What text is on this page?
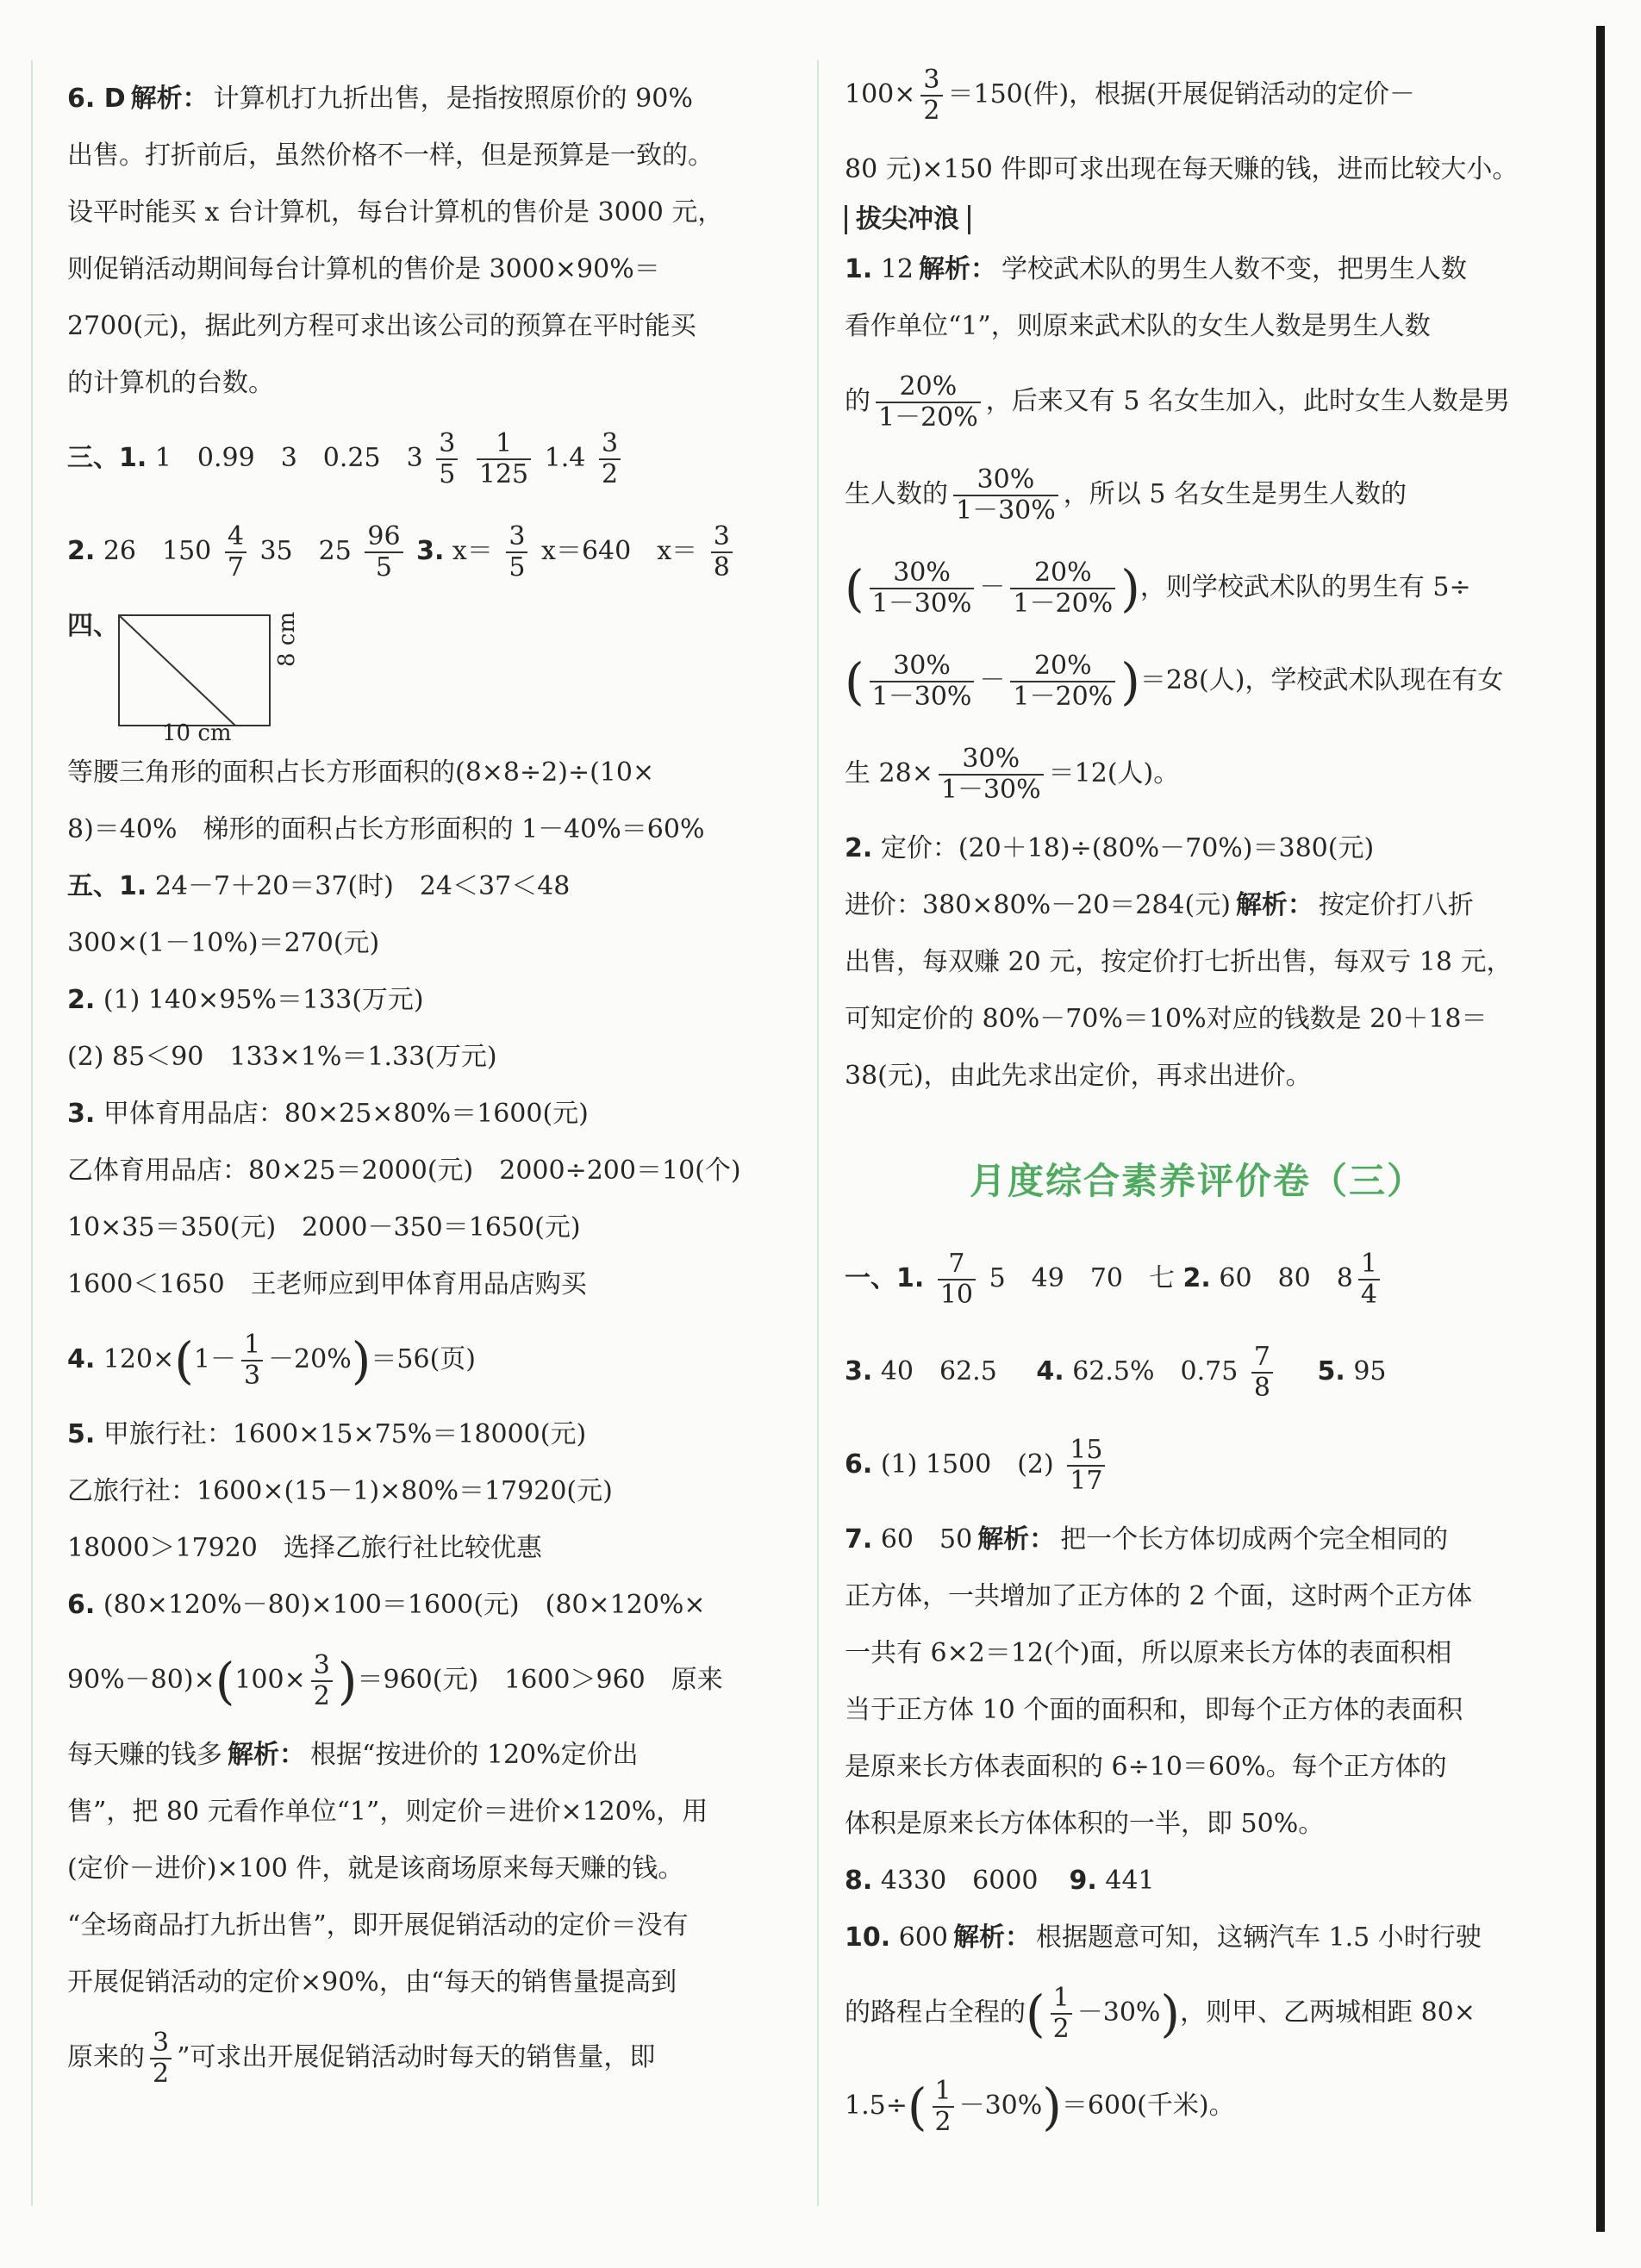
6. D 解析： 计算机打九折出售，是指按照原价的 90%
出售。打折前后，虽然价格不一样，但是预算是一致的。
设平时能买 x 台计算机，每台计算机的售价是 3000 元，
则促销活动期间每台计算机的售价是 3000×90%＝
2700(元)，据此列方程可求出该公司的预算在平时能买
的计算机的台数。
三、1. 1　0.99　3　0.25　$3 \frac{3}{5}$
$\frac{1}{125} 1.4 \frac{3}{2}$
2. 26　$150 \frac{4}{7} 35$　$25 \frac{96}{5} 3$. $x= \frac{3}{5} x=640$　$x= \frac{3}{8}$
四、
10 cm
8 cm
等腰三角形的面积占长方形面积的(8×8÷2)÷(10×
8)＝40%　梯形的面积占长方形面积的 1－40%＝60%
五、1. 24－7＋20＝37(时)　24＜37＜48
300×(1－10%)＝270(元)
2. (1) 140×95%＝133(万元)
(2) 85＜90　133×1%＝1.33(万元)
3. 甲体育用品店：80×25×80%＝1600(元)
乙体育用品店：80×25＝2000(元)　2000÷200＝10(个)
10×35＝350(元)　2000－350＝1650(元)
1600＜1650　王老师应到甲体育用品店购买
4. $120\times(1- \frac{1}{3} -20\%)=56$(页)
5. 甲旅行社：1600×15×75%＝18000(元)
乙旅行社：1600×(15－1)×80%＝17920(元)
18000＞17920　选择乙旅行社比较优惠
6. (80×120%－80)×100＝1600(元)　(80×120%×
$90\%-80)\times(100\times \frac{3}{2} )=960$(元)　1600＞960　原来
每天赚的钱多 解析： 根据“按进价的 120%定价出
售”，把 80 元看作单位“1”，则定价＝进价×120%，用
(定价－进价)×100 件，就是该商场原来每天赚的钱。
“全场商品打九折出售”，即开展促销活动的定价＝没有
开展促销活动的定价×90%，由“每天的销售量提高到
原来的 $\frac{3}{2}$ ”可求出开展促销活动时每天的销售量，即
$100\times \frac{3}{2} =150$(件)，根据(开展促销活动的定价－
80 元)×150 件即可求出现在每天赚的钱，进而比较大小。
拔尖冲浪
1. 12 解析： 学校武术队的男生人数不变，把男生人数
看作单位“1”，则原来武术队的女生人数是男生人数
的 $\frac{20\%}{1-20\%}$ ，后来又有 5 名女生加入，此时女生人数是男
生人数的 $\frac{30\%}{1-30\%}$ ，所以 5 名女生是男生人数的
( $\frac{30\%}{1-30\%} - \frac{20\%}{1-20\%}$ )，则学校武术队的男生有 5÷
( $\frac{30\%}{1-30\%} - \frac{20\%}{1-20\%} )=28$(人)，学校武术队现在有女
生 $28\times \frac{30\%}{1-30\%} =12$(人)。
2. 定价：(20＋18)÷(80%－70%)＝380(元)
进价：380×80%－20＝284(元) 解析： 按定价打八折
出售，每双赚 20 元，按定价打七折出售，每双亏 18 元，
可知定价的 80%－70%＝10%对应的钱数是 20＋18＝
38(元)，由此先求出定价，再求出进价。
月度综合素养评价卷（三）
一、1. $\frac{7}{10} 5$　49　70　七 2. 60　80　$8 \frac{1}{4}$
3. 40　62.5 4. 62.5%　$0.75 \frac{7}{8} 5$. 95
6. (1) 1500　$(2) \frac{15}{17}$
7. 60　50 解析： 把一个长方体切成两个完全相同的
正方体，一共增加了正方体的 2 个面，这时两个正方体
一共有 6×2＝12(个)面，所以原来长方体的表面积相
当于正方体 10 个面的面积和，即每个正方体的表面积
是原来长方体表面积的 6÷10＝60%。每个正方体的
体积是原来长方体体积的一半，即 50%。
8. 4330　6000 9. 441
10. 600 解析： 根据题意可知，这辆汽车 1.5 小时行驶
的路程占全程的( $\frac{1}{2} -30\%$)，则甲、乙两城相距 80×
$1.5\div( \frac{1}{2} -30\%)=600$(千米)。
